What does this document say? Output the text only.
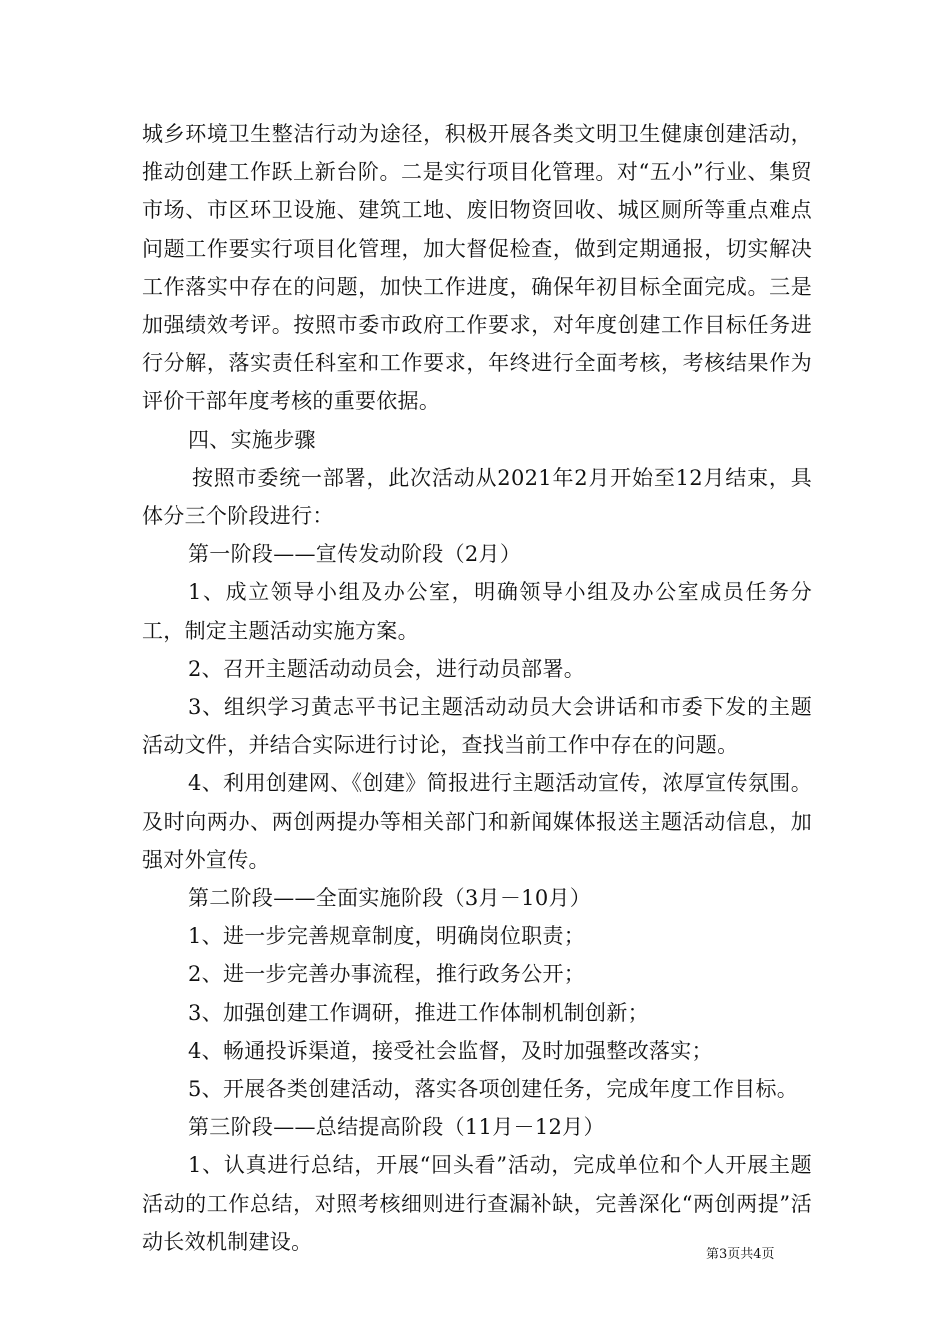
城乡环境卫生整洁行动为途径，积极开展各类文明卫生健康创建活动，推动创建工作跃上新台阶。二是实行项目化管理。对“五小”行业、集贸市场、市区环卫设施、建筑工地、废旧物资回收、城区厕所等重点难点问题工作要实行项目化管理，加大督促检查，做到定期通报，切实解决工作落实中存在的问题，加快工作进度，确保年初目标全面完成。三是加强绩效考评。按照市委市政府工作要求，对年度创建工作目标任务进行分解，落实责任科室和工作要求，年终进行全面考核，考核结果作为评价干部年度考核的重要依据。

四、实施步骤

按照市委统一部署，此次活动从2021年2月开始至12月结束，具体分三个阶段进行：

第一阶段——宣传发动阶段（2月）

1、成立领导小组及办公室，明确领导小组及办公室成员任务分工，制定主题活动实施方案。

2、召开主题活动动员会，进行动员部署。

3、组织学习黄志平书记主题活动动员大会讲话和市委下发的主题活动文件，并结合实际进行讨论，查找当前工作中存在的问题。

4、利用创建网、《创建》简报进行主题活动宣传，浓厚宣传氛围。及时向两办、两创两提办等相关部门和新闻媒体报送主题活动信息，加强对外宣传。

第二阶段——全面实施阶段（3月－10月）

1、进一步完善规章制度，明确岗位职责；

2、进一步完善办事流程，推行政务公开；

3、加强创建工作调研，推进工作体制机制创新；

4、畅通投诉渠道，接受社会监督，及时加强整改落实；

5、开展各类创建活动，落实各项创建任务，完成年度工作目标。

第三阶段——总结提高阶段（11月－12月）

1、认真进行总结，开展“回头看”活动，完成单位和个人开展主题活动的工作总结，对照考核细则进行查漏补缺，完善深化“两创两提”活动长效机制建设。

第3页共4页
